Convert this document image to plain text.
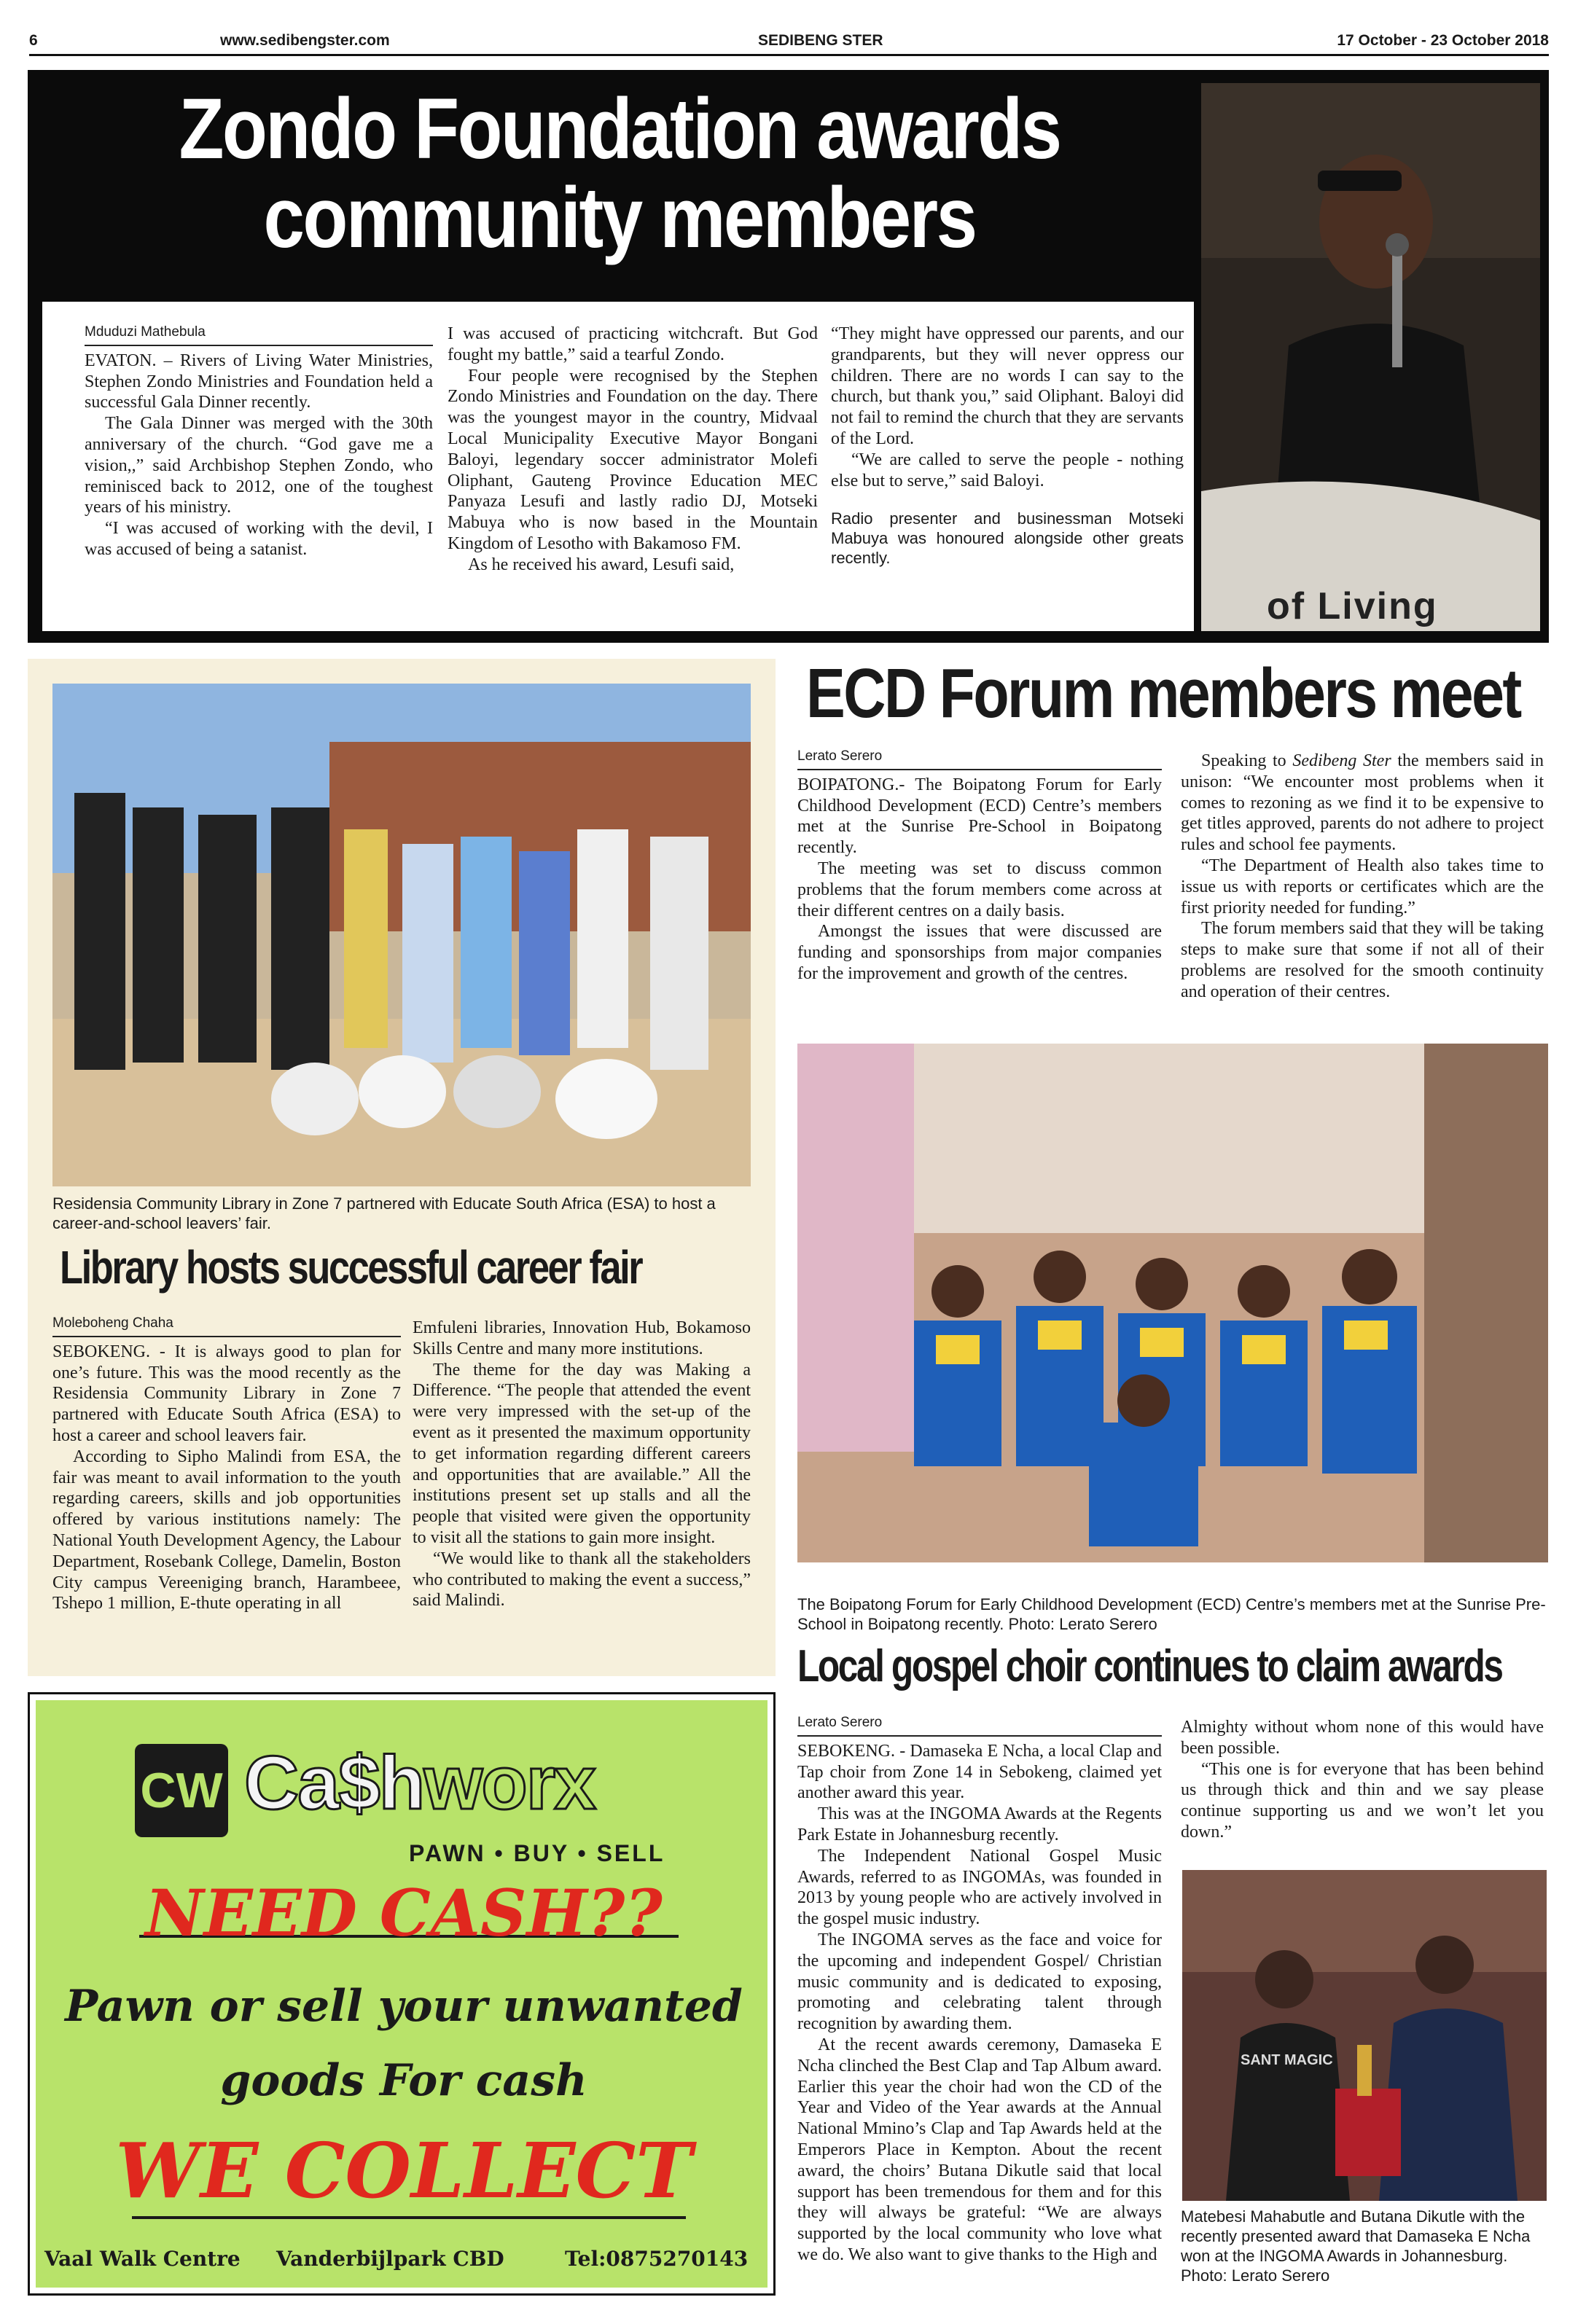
6	www.sedibengster.com	SEDIBENG STER	17 October - 23 October 2018
Zondo Foundation awards
community members
Mduduzi Mathebula

EVATON. – Rivers of Living Water Ministries, Stephen Zondo Ministries and Foundation held a successful Gala Dinner recently.

The Gala Dinner was merged with the 30th anniversary of the church. “God gave me a vision,,” said Archbishop Stephen Zondo, who reminisced back to 2012, one of the toughest years of his ministry.

“I was accused of working with the devil, I was accused of being a satanist.

I was accused of practicing witchcraft. But God fought my battle,” said a tearful Zondo.

Four people were recognised by the Stephen Zondo Ministries and Foundation on the day. There was the youngest mayor in the country, Midvaal Local Municipality Executive Mayor Bongani Baloyi, legendary soccer administrator Molefi Oliphant, Gauteng Province Education MEC Panyaza Lesufi and lastly radio DJ, Motseki Mabuya who is now based in the Mountain Kingdom of Lesotho with Bakamoso FM.

As he received his award, Lesufi said,

“They might have oppressed our parents, and our grandparents, but they will never oppress our children. There are no words I can say to the church, but thank you,” said Oliphant. Baloyi did not fail to remind the church that they are servants of the Lord.

“We are called to serve the people - nothing else but to serve,” said Baloyi.

Radio presenter and businessman Motseki Mabuya was honoured alongside other greats recently.
of Living
Residensia Community Library in Zone 7 partnered with Educate South Africa (ESA) to host a career-and-school leavers’ fair.
Library hosts successful career fair
Moleboheng Chaha

SEBOKENG. - It is always good to plan for one’s future. This was the mood recently as the Residensia Community Library in Zone 7 partnered with Educate South Africa (ESA) to host a career and school leavers fair.

According to Sipho Malindi from ESA, the fair was meant to avail information to the youth regarding careers, skills and job opportunities offered by various institutions namely: The National Youth Development Agency, the Labour Department, Rosebank College, Damelin, Boston City campus Vereeniging branch, Harambeee, Tshepo 1 million, E-thute operating in all

Emfuleni libraries, Innovation Hub, Bokamoso Skills Centre and many more institutions.

The theme for the day was Making a Difference. “The people that attended the event were very impressed with the set-up of the event as it presented the maximum opportunity to get information regarding different careers and opportunities that are available.” All the institutions present set up stalls and all the people that visited were given the opportunity to visit all the stations to gain more insight.

“We would like to thank all the stakeholders who contributed to making the event a success,” said Malindi.

ECD Forum members meet
Lerato Serero

BOIPATONG.- The Boipatong Forum for Early Childhood Development (ECD) Centre’s members met at the Sunrise Pre-School in Boipatong recently.

The meeting was set to discuss common problems that the forum members come across at their different centres on a daily basis.

Amongst the issues that were discussed are funding and sponsorships from major companies for the improvement and growth of the centres.

Speaking to Sedibeng Ster the members said in unison: “We encounter most problems when it comes to rezoning as we find it to be expensive to get titles approved, parents do not adhere to project rules and school fee payments.

“The Department of Health also takes time to issue us with reports or certificates which are the first priority needed for funding.”

The forum members said that they will be taking steps to make sure that some if not all of their problems are resolved for the smooth continuity and operation of their centres.

The Boipatong Forum for Early Childhood Development (ECD) Centre’s members met at the Sunrise Pre-School in Boipatong recently. Photo: Lerato Serero
Local gospel choir continues to claim awards
Lerato Serero

SEBOKENG. - Damaseka E Ncha, a local Clap and Tap choir from Zone 14 in Sebokeng, claimed yet another award this year.

This was at the INGOMA Awards at the Regents Park Estate in Johannesburg recently.

The Independent National Gospel Music Awards, referred to as INGOMAs, was founded in 2013 by young people who are actively involved in the gospel music industry.

The INGOMA serves as the face and voice for the upcoming and independent Gospel/ Christian music community and is dedicated to exposing, promoting and celebrating talent through recognition by awarding them.

At the recent awards ceremony, Damaseka E Ncha clinched the Best Clap and Tap Album award. Earlier this year the choir had won the CD of the Year and Video of the Year awards at the Annual National Mmino’s Clap and Tap Awards held at the Emperors Place in Kempton. About the recent award, the choirs’ Butana Dikutle said that local support has been tremendous for them and for this they will always be grateful: “We are always supported by the local community who love what we do. We also want to give thanks to the High and

Almighty without whom none of this would have been possible.

“This one is for everyone that has been behind us through thick and thin and we say please continue supporting us and we won’t let you down.”

SANT MAGIC
Matebesi Mahabutle and Butana Dikutle with the recently presented award that Damaseka E Ncha won at the INGOMA Awards in Johannesburg. Photo: Lerato Serero
CW Ca$hworx
PAWN • BUY • SELL
NEED CASH??
Pawn or sell your unwanted
goods For cash
WE COLLECT
Vaal Walk Centre Vanderbijlpark CBD	Tel:0875270143
